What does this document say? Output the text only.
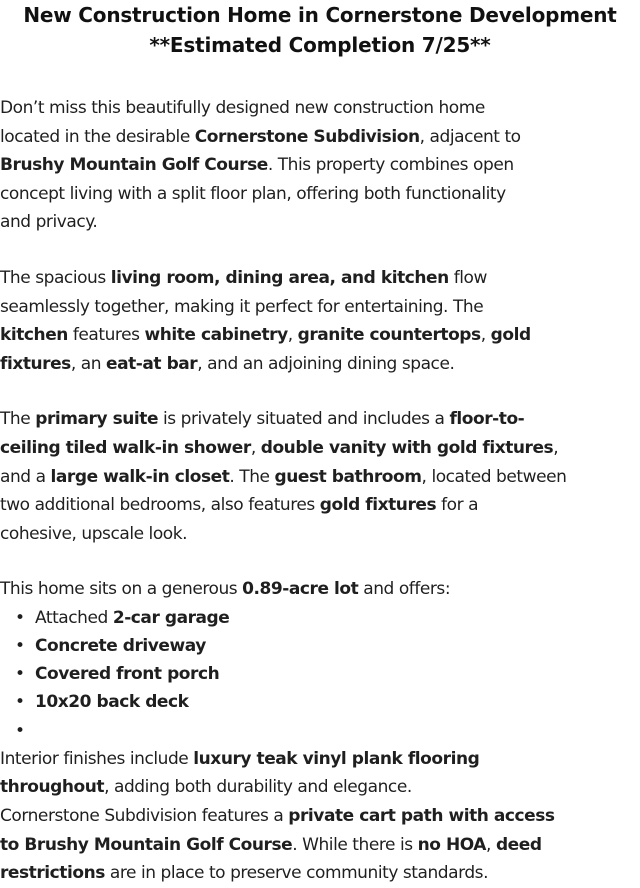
New Construction Home in Cornerstone Development
**Estimated Completion 7/25**

Don’t miss this beautifully designed new construction home
located in the desirable Cornerstone Subdivision, adjacent to
Brushy Mountain Golf Course. This property combines open
concept living with a split floor plan, offering both functionality
and privacy.

The spacious living room, dining area, and kitchen flow
seamlessly together, making it perfect for entertaining. The
kitchen features white cabinetry, granite countertops, gold
fixtures, an eat-at bar, and an adjoining dining space.

The primary suite is privately situated and includes a floor-to-
ceiling tiled walk-in shower, double vanity with gold fixtures,
and a large walk-in closet. The guest bathroom, located between
two additional bedrooms, also features gold fixtures for a
cohesive, upscale look.

This home sits on a generous 0.89-acre lot and offers:

• Attached 2-car garage
• Concrete driveway
• Covered front porch
• 10x20 back deck
•

Interior finishes include luxury teak vinyl plank flooring
throughout, adding both durability and elegance.

Cornerstone Subdivision features a private cart path with access
to Brushy Mountain Golf Course. While there is no HOA, deed
restrictions are in place to preserve community standards.
